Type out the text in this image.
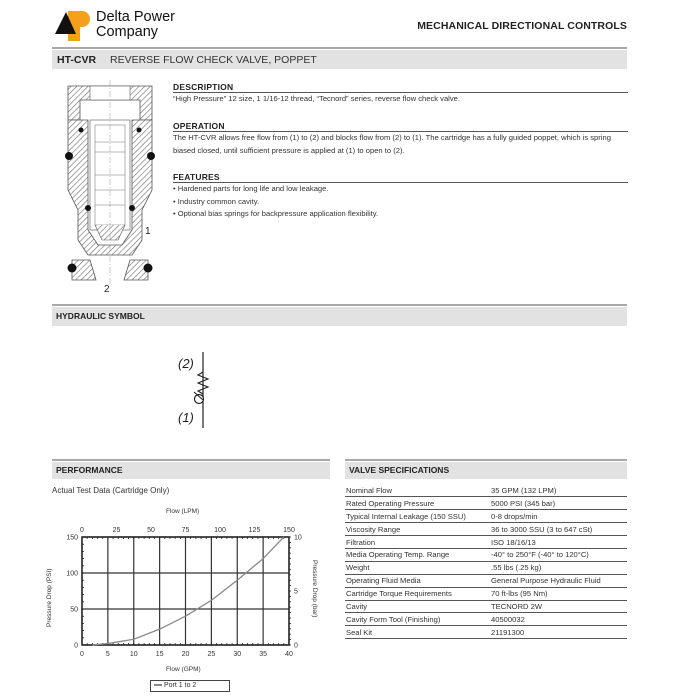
Delta Power
Company	MECHANICAL DIRECTIONAL CONTROLS
HT-CVR REVERSE FLOW CHECK VALVE, POPPET
1
2
DESCRIPTION
“High Pressure” 12 size, 1 1/16-12 thread, “Tecnord” series, reverse flow check valve.
OPERATION
The HT-CVR allows free flow from (1) to (2) and blocks flow from (2) to (1). The cartridge has a fully guided poppet, which is spring biased closed, until sufficient pressure is applied at (1) to open to (2).
FEATURES
• Hardened parts for long life and low leakage.
• Industry common cavity.
• Optional bias springs for backpressure application flexibility.
HYDRAULIC SYMBOL
(2)
(1)
PERFORMANCE
Actual Test Data (Cartridge Only)
Flow (LPM)
Flow (GPM)
Pressure Drop (PSI)	Pressure Drop (bar)
0	5	10	15	20	25	30	35	40
0
50
100
150
0	25	50	75	100	125	150
0
5
10
Port 1 to 2
VALVE SPECIFICATIONS
Nominal Flow	35 GPM (132 LPM)
Rated Operating Pressure	5000 PSI (345 bar)
Typical Internal Leakage (150 SSU)	0-8 drops/min
Viscosity Range	36 to 3000 SSU (3 to 647 cSt)
Filtration	ISO 18/16/13
Media Operating Temp. Range	-40° to 250°F (-40° to 120°C)
Weight	.55 lbs (.25 kg)
Operating Fluid Media	General Purpose Hydraulic Fluid
Cartridge Torque Requirements	70 ft-lbs (95 Nm)
Cavity	TECNORD 2W
Cavity Form Tool (Finishing)	40500032
Seal Kit	21191300
